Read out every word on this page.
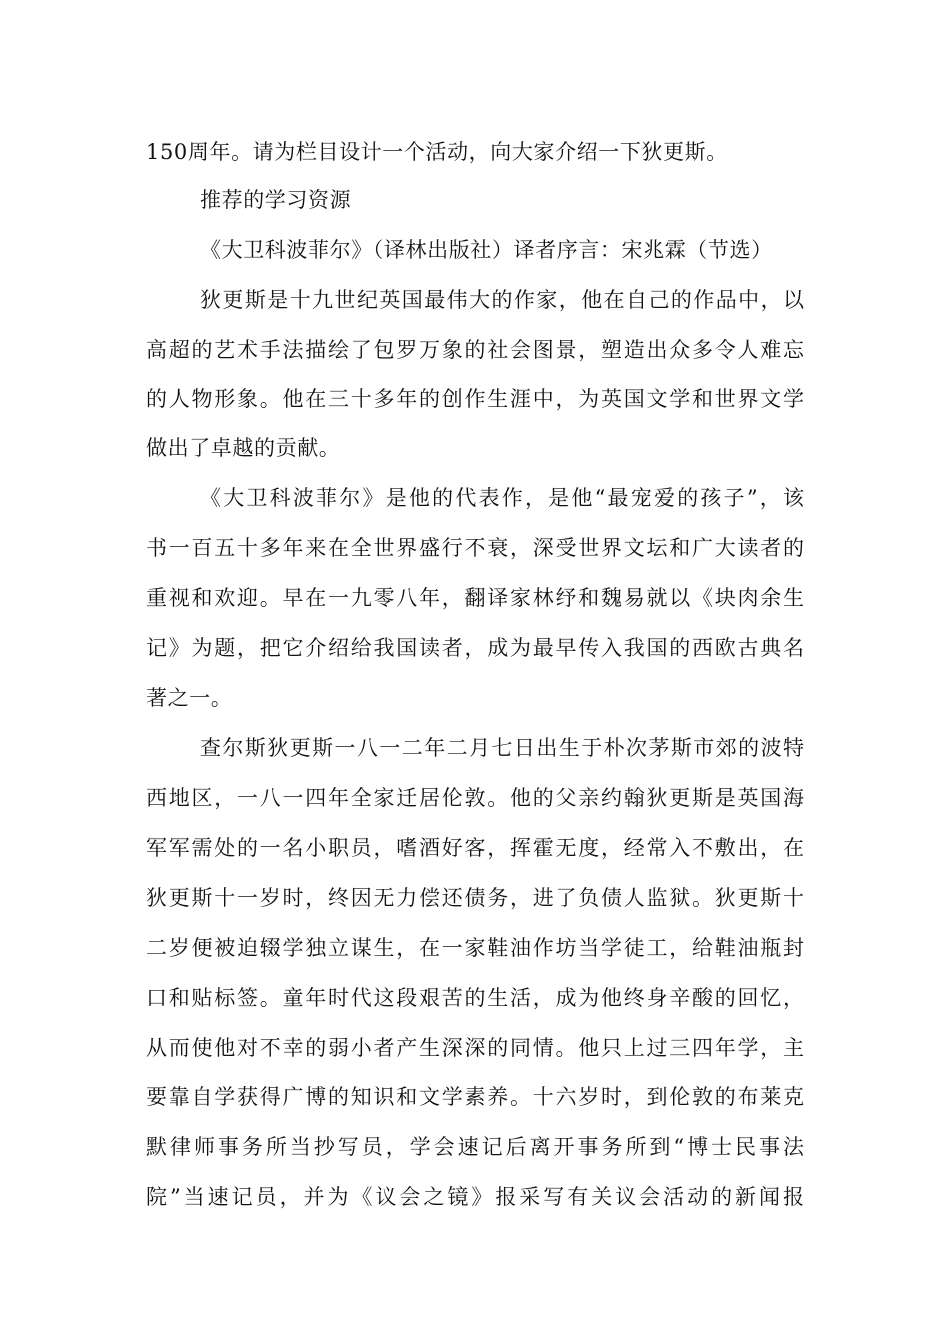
150周年。请为栏目设计一个活动，向大家介绍一下狄更斯。
推荐的学习资源
《大卫科波菲尔》（译林出版社）译者序言：宋兆霖（节选）
狄更斯是十九世纪英国最伟大的作家，他在自己的作品中，以
高超的艺术手法描绘了包罗万象的社会图景，塑造出众多令人难忘
的人物形象。他在三十多年的创作生涯中，为英国文学和世界文学
做出了卓越的贡献。
《大卫科波菲尔》是他的代表作，是他“最宠爱的孩子”，该
书一百五十多年来在全世界盛行不衰，深受世界文坛和广大读者的
重视和欢迎。早在一九零八年，翻译家林纾和魏易就以《块肉余生
记》为题，把它介绍给我国读者，成为最早传入我国的西欧古典名
著之一。
查尔斯狄更斯一八一二年二月七日出生于朴次茅斯市郊的波特
西地区，一八一四年全家迁居伦敦。他的父亲约翰狄更斯是英国海
军军需处的一名小职员，嗜酒好客，挥霍无度，经常入不敷出，在
狄更斯十一岁时，终因无力偿还债务，进了负债人监狱。狄更斯十
二岁便被迫辍学独立谋生，在一家鞋油作坊当学徒工，给鞋油瓶封
口和贴标签。童年时代这段艰苦的生活，成为他终身辛酸的回忆，
从而使他对不幸的弱小者产生深深的同情。他只上过三四年学，主
要靠自学获得广博的知识和文学素养。十六岁时，到伦敦的布莱克
默律师事务所当抄写员，学会速记后离开事务所到“博士民事法
院”当速记员，并为《议会之镜》报采写有关议会活动的新闻报
